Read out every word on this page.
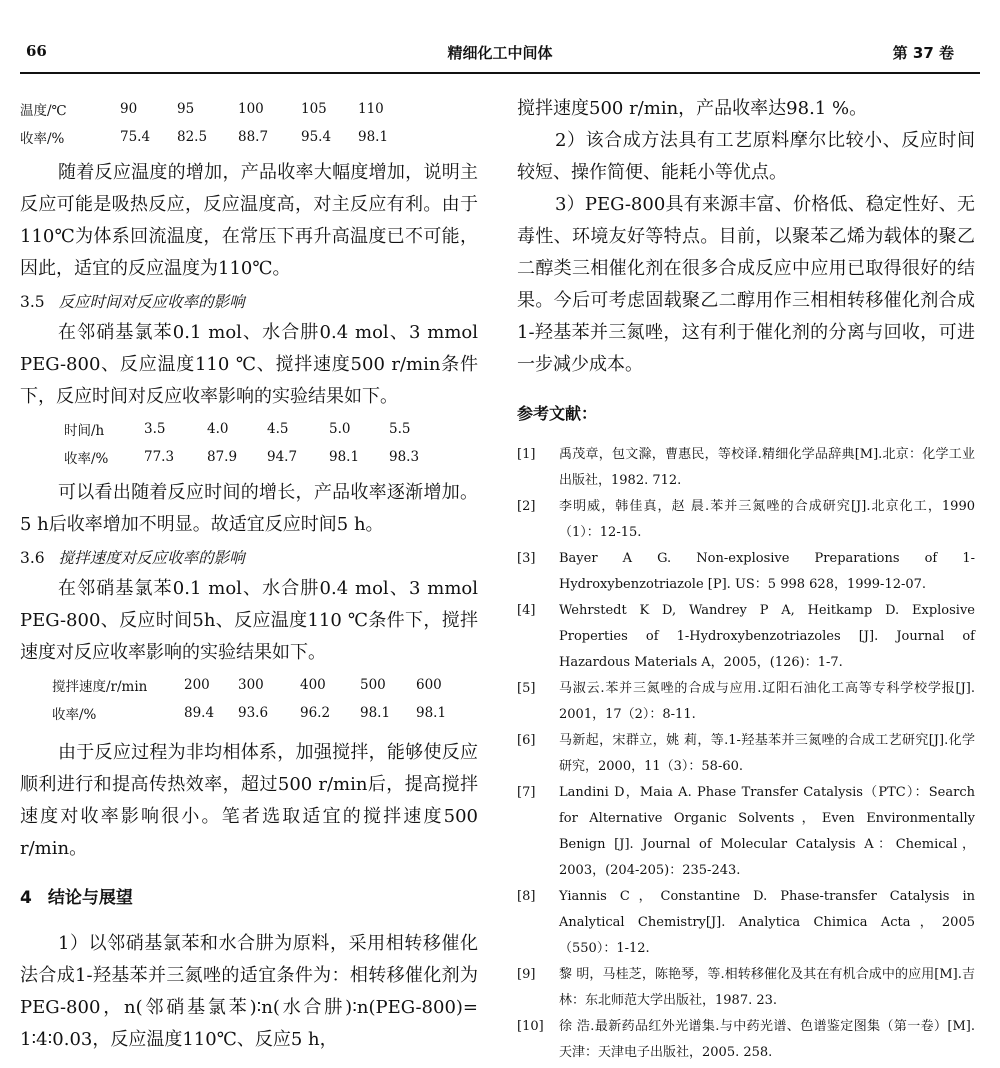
66	精细化工中间体	第 37 卷
温度/℃	90	95	100	105	110
收率/%	75.4	82.5	88.7	95.4	98.1

随着反应温度的增加，产品收率大幅度增加，说明主反应可能是吸热反应，反应温度高，对主反应有利。由于110℃为体系回流温度，在常压下再升高温度已不可能，因此，适宜的反应温度为110℃。

3.5 反应时间对反应收率的影响

在邻硝基氯苯0.1 mol、水合肼0.4 mol、3 mmol PEG-800、反应温度110 ℃、搅拌速度500 r/min条件下，反应时间对反应收率影响的实验结果如下。

时间/h	3.5	4.0	4.5	5.0	5.5
收率/%	77.3	87.9	94.7	98.1	98.3

可以看出随着反应时间的增长，产品收率逐渐增加。5 h后收率增加不明显。故适宜反应时间5 h。

3.6 搅拌速度对反应收率的影响

在邻硝基氯苯0.1 mol、水合肼0.4 mol、3 mmol PEG-800、反应时间5h、反应温度110 ℃条件下，搅拌速度对反应收率影响的实验结果如下。

搅拌速度/r/min	200	300	400	500	600
收率/%	89.4	93.6	96.2	98.1	98.1

由于反应过程为非均相体系，加强搅拌，能够使反应顺利进行和提高传热效率，超过500 r/min后，提高搅拌速度对收率影响很小。笔者选取适宜的搅拌速度500 r/min。

4 结论与展望

1）以邻硝基氯苯和水合肼为原料，采用相转移催化法合成1-羟基苯并三氮唑的适宜条件为：相转移催化剂为PEG-800，n(邻硝基氯苯)∶n(水合肼)∶n(PEG-800)= 1∶4∶0.03，反应温度110℃、反应5 h，

搅拌速度500 r/min，产品收率达98.1 %。

2）该合成方法具有工艺原料摩尔比较小、反应时间较短、操作简便、能耗小等优点。

3）PEG-800具有来源丰富、价格低、稳定性好、无毒性、环境友好等特点。目前，以聚苯乙烯为载体的聚乙二醇类三相催化剂在很多合成反应中应用已取得很好的结果。今后可考虑固载聚乙二醇用作三相相转移催化剂合成1-羟基苯并三氮唑，这有利于催化剂的分离与回收，可进一步减少成本。

参考文献：
[1] 禹茂章，包文滁，曹惠民，等校译.精细化学品辞典[M].北京：化学工业出版社，1982. 712.
[2] 李明威，韩佳真，赵 晨.苯并三氮唑的合成研究[J].北京化工，1990（1）：12-15.
[3] Bayer A G. Non-explosive Preparations of 1-Hydroxybenzotriazole [P]. US：5 998 628，1999-12-07.
[4] Wehrstedt K D, Wandrey P A, Heitkamp D. Explosive Properties of 1-Hydroxybenzotriazoles [J]. Journal of Hazardous Materials A，2005，(126)：1-7.
[5] 马淑云.苯并三氮唑的合成与应用.辽阳石油化工高等专科学校学报[J]. 2001，17（2）：8-11.
[6] 马新起，宋群立，姚 莉，等.1-羟基苯并三氮唑的合成工艺研究[J].化学研究，2000，11（3）：58-60.
[7] Landini D，Maia A. Phase Transfer Catalysis（PTC）：Search for Alternative Organic Solvents，Even Environmentally Benign [J]. Journal of Molecular Catalysis A：Chemical，2003，(204-205)：235-243.
[8] Yiannis C，Constantine D. Phase-transfer Catalysis in Analytical Chemistry[J]. Analytica Chimica Acta，2005（550）：1-12.
[9] 黎 明，马桂芝，陈艳琴，等.相转移催化及其在有机合成中的应用[M].吉林：东北师范大学出版社，1987. 23.
[10] 徐 浩.最新药品红外光谱集.与中药光谱、色谱鉴定图集（第一卷）[M].天津：天津电子出版社，2005. 258.
